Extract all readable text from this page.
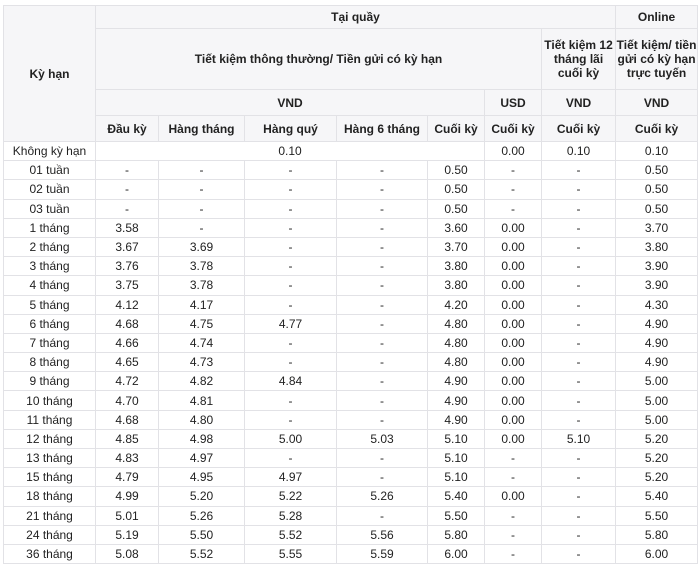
Kỳ hạn	Tại quầy							Online
	Tiết kiệm thông thường/ Tiền gửi có kỳ hạn						Tiết kiệm 12 tháng lãi cuối kỳ	Tiết kiệm/ tiền gửi có kỳ hạn trực tuyến
	VND					USD	VND	VND
	Đầu kỳ	Hàng tháng	Hàng quý	Hàng 6 tháng	Cuối kỳ	Cuối kỳ	Cuối kỳ	Cuối kỳ
Không kỳ hạn	0.10					0.00	0.10	0.10
01 tuần	-	-	-	-	0.50	-	-	0.50
02 tuần	-	-	-	-	0.50	-	-	0.50
03 tuần	-	-	-	-	0.50	-	-	0.50
1 tháng	3.58	-	-	-	3.60	0.00	-	3.70
2 tháng	3.67	3.69	-	-	3.70	0.00	-	3.80
3 tháng	3.76	3.78	-	-	3.80	0.00	-	3.90
4 tháng	3.75	3.78	-	-	3.80	0.00	-	3.90
5 tháng	4.12	4.17	-	-	4.20	0.00	-	4.30
6 tháng	4.68	4.75	4.77	-	4.80	0.00	-	4.90
7 tháng	4.66	4.74	-	-	4.80	0.00	-	4.90
8 tháng	4.65	4.73	-	-	4.80	0.00	-	4.90
9 tháng	4.72	4.82	4.84	-	4.90	0.00	-	5.00
10 tháng	4.70	4.81	-	-	4.90	0.00	-	5.00
11 tháng	4.68	4.80	-	-	4.90	0.00	-	5.00
12 tháng	4.85	4.98	5.00	5.03	5.10	0.00	5.10	5.20
13 tháng	4.83	4.97	-	-	5.10	-	-	5.20
15 tháng	4.79	4.95	4.97	-	5.10	-	-	5.20
18 tháng	4.99	5.20	5.22	5.26	5.40	0.00	-	5.40
21 tháng	5.01	5.26	5.28	-	5.50	-	-	5.50
24 tháng	5.19	5.50	5.52	5.56	5.80	-	-	5.80
36 tháng	5.08	5.52	5.55	5.59	6.00	-	-	6.00
